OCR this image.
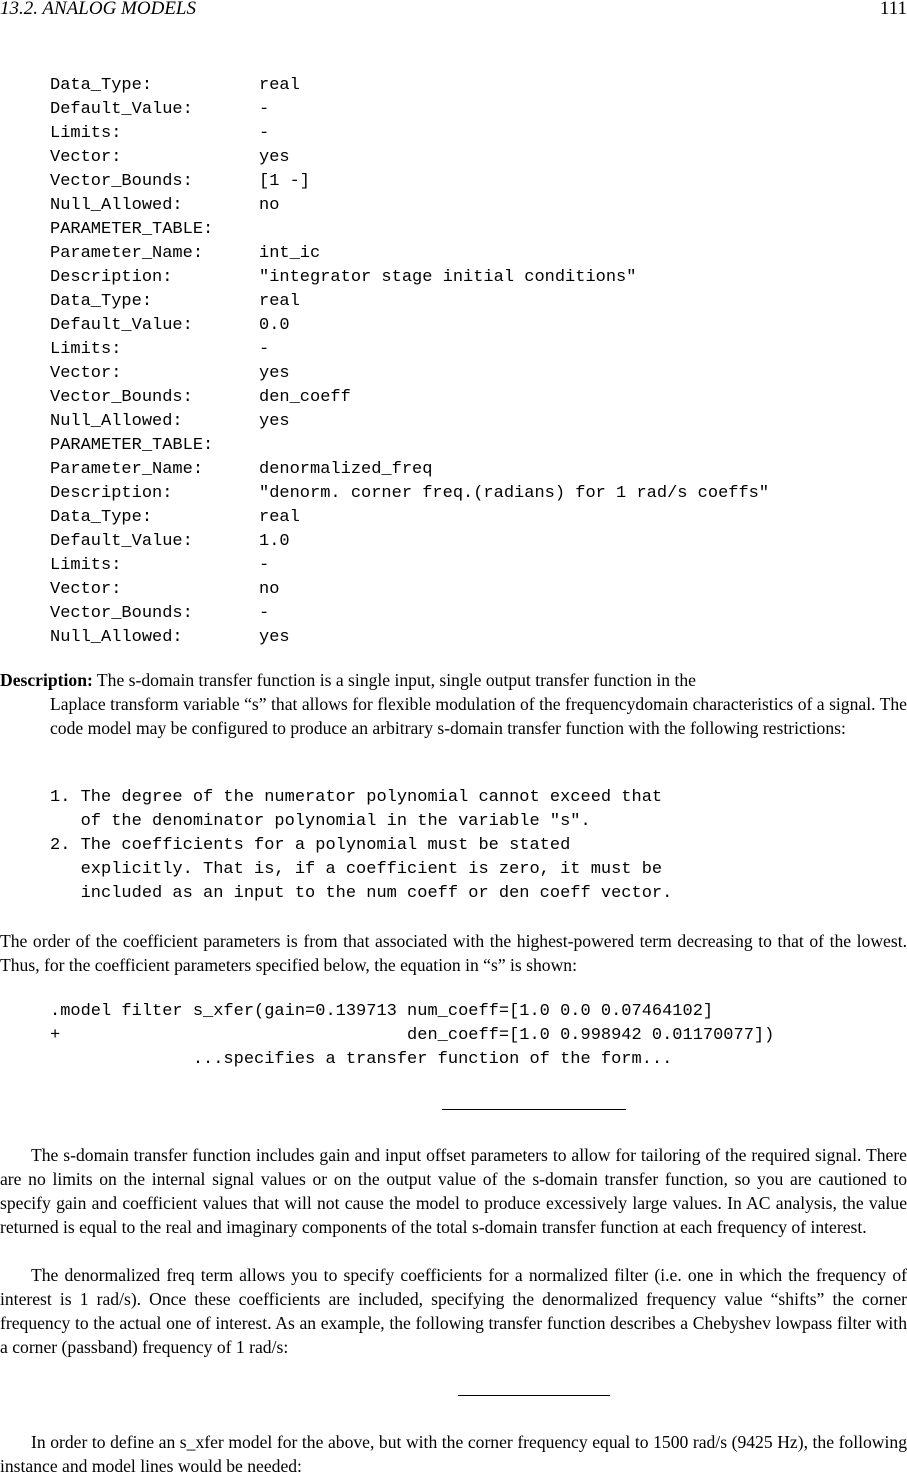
13.2. ANALOG MODELS	111
Data_Type:	real
Default_Value:	-
Limits:	-
Vector:	yes
Vector_Bounds:	[1 -]
Null_Allowed:	no
PARAMETER_TABLE:
Parameter_Name:	int_ic
Description:	"integrator stage initial conditions"
Data_Type:	real
Default_Value:	0.0
Limits:	-
Vector:	yes
Vector_Bounds:	den_coeff
Null_Allowed:	yes
PARAMETER_TABLE:
Parameter_Name:	denormalized_freq
Description:	"denorm. corner freq.(radians) for 1 rad/s coeffs"
Data_Type:	real
Default_Value:	1.0
Limits:	-
Vector:	no
Vector_Bounds:	-
Null_Allowed:	yes

Description: The s-domain transfer function is a single input, single output transfer function in the

Laplace transform variable “s” that allows for flexible modulation of the frequencydomain characteristics of a signal. The code model may be configured to produce an arbitrary s-domain transfer function with the following restrictions:

1. The degree of the numerator polynomial cannot exceed that
of the denominator polynomial in the variable "s".
2. The coefficients for a polynomial must be stated
explicitly. That is, if a coefficient is zero, it must be
included as an input to the num coeff or den coeff vector.

The order of the coefficient parameters is from that associated with the highest-powered term decreasing to that of the lowest. Thus, for the coefficient parameters specified below, the equation in “s” is shown:

.model filter s_xfer(gain=0.139713 num_coeff=[1.0 0.0 0.07464102]
+                                  den_coeff=[1.0 0.998942 0.01170077])
...specifies a transfer function of the form...

The s-domain transfer function includes gain and input offset parameters to allow for tailoring of the required signal. There are no limits on the internal signal values or on the output value of the s-domain transfer function, so you are cautioned to specify gain and coefficient values that will not cause the model to produce excessively large values. In AC analysis, the value returned is equal to the real and imaginary components of the total s-domain transfer function at each frequency of interest.

The denormalized freq term allows you to specify coefficients for a normalized filter (i.e. one in which the frequency of interest is 1 rad/s). Once these coefficients are included, specifying the denormalized frequency value “shifts” the corner frequency to the actual one of interest. As an example, the following transfer function describes a Chebyshev lowpass filter with a corner (passband) frequency of 1 rad/s:

In order to define an s_xfer model for the above, but with the corner frequency equal to 1500 rad/s (9425 Hz), the following instance and model lines would be needed:
